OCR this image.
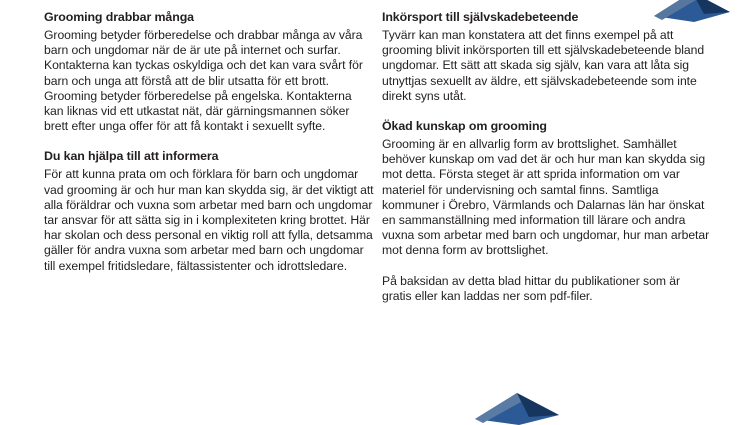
Grooming drabbar många

Grooming betyder förberedelse och drabbar många av våra barn och ungdomar när de är ute på internet och surfar. Kontakterna kan tyckas oskyldiga och det kan vara svårt för barn och unga att förstå att de blir utsatta för ett brott. Grooming betyder förberedelse på engelska. Kontakterna kan liknas vid ett utkastat nät, där gärningsmannen söker brett efter unga offer för att få kontakt i sexuellt syfte.

Du kan hjälpa till att informera

För att kunna prata om och förklara för barn och ungdomar vad grooming är och hur man kan skydda sig, är det viktigt att alla föräldrar och vuxna som arbetar med barn och ungdomar tar ansvar för att sätta sig in i komplexiteten kring brottet. Här har skolan och dess personal en viktig roll att fylla, detsamma gäller för andra vuxna som arbetar med barn och ungdomar till exempel fritidsledare, fältassistenter och idrottsledare.

Inkörsport till självskadebeteende

Tyvärr kan man konstatera att det finns exempel på att grooming blivit inkörsporten till ett självskadebeteende bland ungdomar. Ett sätt att skada sig själv, kan vara att låta sig utnyttjas sexuellt av äldre, ett självskadebeteende som inte direkt syns utåt.

Ökad kunskap om grooming

Grooming är en allvarlig form av brottslighet. Samhället behöver kunskap om vad det är och hur man kan skydda sig mot detta. Första steget är att sprida information om var materiel för undervisning och samtal finns. Samtliga kommuner i Örebro, Värmlands och Dalarnas län har önskat en sammanställning med information till lärare och andra vuxna som arbetar med barn och ungdomar, hur man arbetar mot denna form av brottslighet.

På baksidan av detta blad hittar du publikationer som är gratis eller kan laddas ner som pdf-filer.
